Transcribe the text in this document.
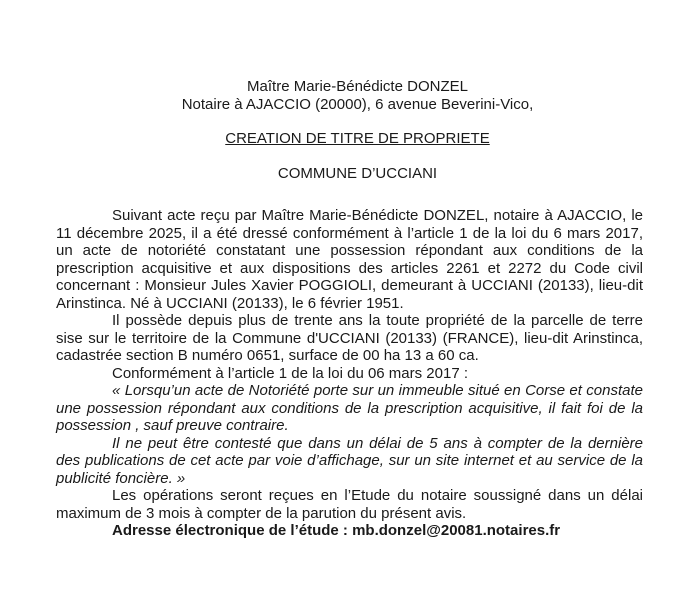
Maître Marie-Bénédicte DONZEL

Notaire à AJACCIO (20000), 6 avenue Beverini-Vico,

CREATION DE TITRE DE PROPRIETE

COMMUNE D’UCCIANI

Suivant acte reçu par Maître Marie-Bénédicte DONZEL, notaire à AJACCIO, le 11 décembre 2025, il a été dressé conformément à l’article 1 de la loi du 6 mars 2017, un acte de notoriété constatant une possession répondant aux conditions de la prescription acquisitive et aux dispositions des articles 2261 et 2272 du Code civil concernant : Monsieur Jules Xavier POGGIOLI, demeurant à UCCIANI (20133), lieu-dit Arinstinca. Né à UCCIANI (20133), le 6 février 1951.

Il possède depuis plus de trente ans la toute propriété de la parcelle de terre sise sur le territoire de la Commune d'UCCIANI (20133) (FRANCE), lieu-dit Arinstinca, cadastrée section B numéro 0651, surface de 00 ha 13 a 60 ca.

Conformément à l’article 1 de la loi du 06 mars 2017 :

« Lorsqu’un acte de Notoriété porte sur un immeuble situé en Corse et constate une possession répondant aux conditions de la prescription acquisitive, il fait foi de la possession , sauf preuve contraire.

Il ne peut être contesté que dans un délai de 5 ans à compter de la dernière des publications de cet acte par voie d’affichage, sur un site internet et au service de la publicité foncière. »

Les opérations seront reçues en l’Etude du notaire soussigné dans un délai maximum de 3 mois à compter de la parution du présent avis.

Adresse électronique de l’étude : mb.donzel@20081.notaires.fr
